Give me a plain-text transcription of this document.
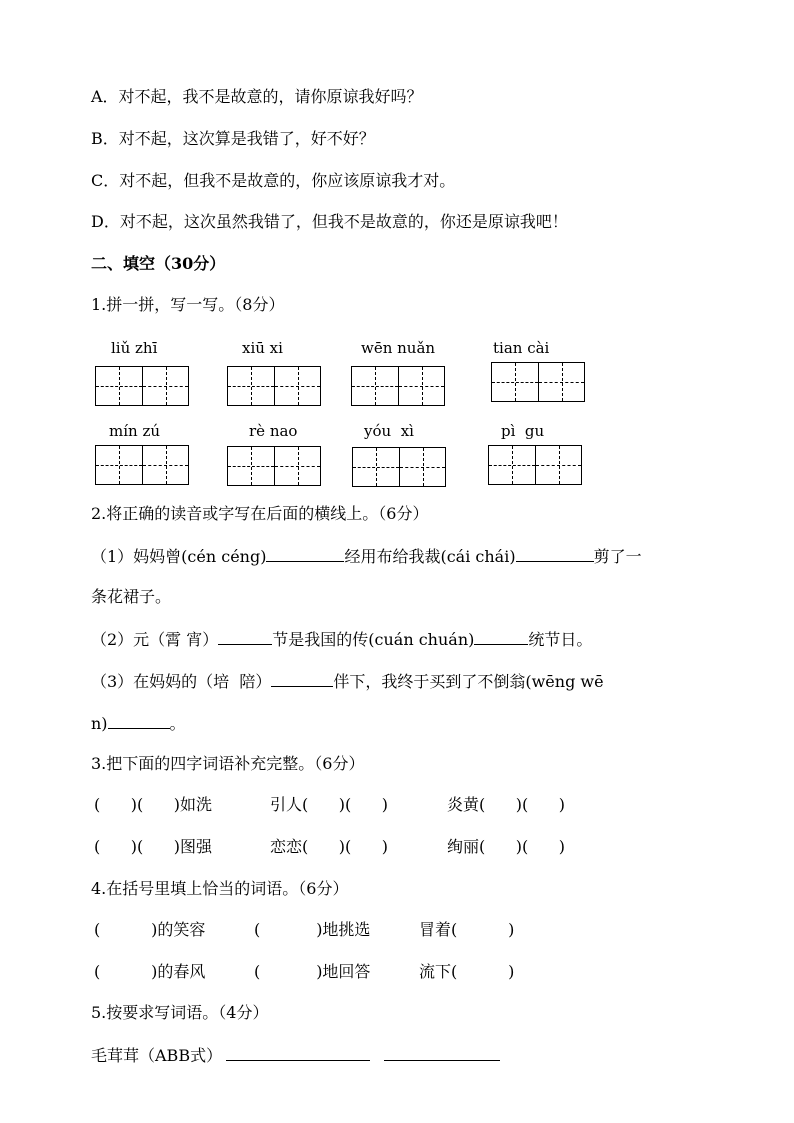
A．对不起，我不是故意的，请你原谅我好吗？
B．对不起，这次算是我错了，好不好？
C．对不起，但我不是故意的，你应该原谅我才对。
D．对不起，这次虽然我错了，但我不是故意的，你还是原谅我吧！
二、填空（30分）
1.拼一拼，写一写。（8分）
liǔ zhī	xiū xi	wēn nuǎn	tian cài
mín zú	rè nao	yóu  xì	pì  gu
2.将正确的读音或字写在后面的横线上。（6分）
（1）妈妈曾(cén céng)	经用布给我裁(cái chái)	剪了一
条花裙子。
（2）元（霄 宵）	节是我国的传(cuán chuán)	统节日。
（3）在妈妈的（培  陪）	伴下，我终于买到了不倒翁(wēng wē
n)	。
3.把下面的四字词语补充完整。（6分）
(      )(      )如洗	引人(      )(      )	炎黄(      )(      )
(      )(      )图强	恋恋(      )(      )	绚丽(      )(      )
4.在括号里填上恰当的词语。（6分）
(          )的笑容	(           )地挑选	冒着(          )
(          )的春风	(           )地回答	流下(          )
5.按要求写词语。（4分）
毛茸茸（ABB式）
